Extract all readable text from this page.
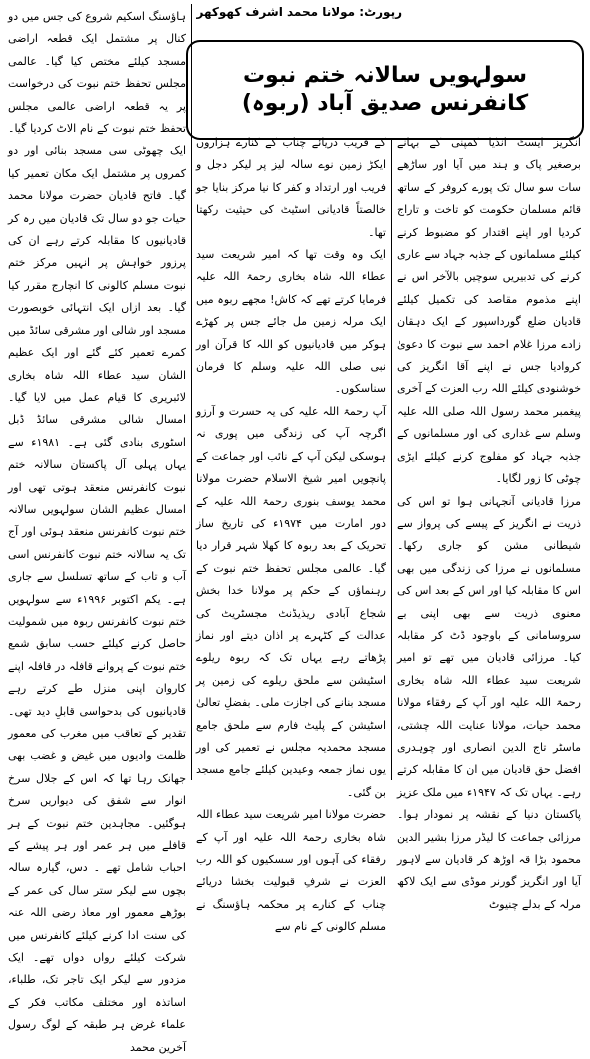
رپورٹ: مولانا محمد اشرف کھوکھر
سولہویں سالانہ ختم نبوت کانفرنس صدیق آباد (ربوہ)

انگریز ایسٹ انڈیا کمپنی کے بہانے برصغیر پاک و ہند میں آیا اور ساڑھے سات سو سال تک پورے کروفر کے ساتھ قائم مسلمان حکومت کو تاخت و تاراج کردیا اور اپنے اقتدار کو مضبوط کرنے کیلئے مسلمانوں کے جذبہ جہاد سے عاری کرنے کی تدبیریں سوچیں بالآخر اس نے اپنے مذموم مقاصد کی تکمیل کیلئے قادیان ضلع گورداسپور کے ایک دہقان زادے مرزا غلام احمد سے نبوت کا دعویٰ کروادیا جس نے اپنے آقا انگریز کی خوشنودی کیلئے اللہ رب العزت کے آخری پیغمبر محمد رسول اللہ صلی اللہ علیہ وسلم سے غداری کی اور مسلمانوں کے جذبہ جہاد کو مفلوج کرنے کیلئے ایڑی چوٹی کا زور لگایا۔

مرزا قادیانی آنجہانی ہوا تو اس کی ذریت نے انگریز کے پیسے کی پرواز سے شیطانی مشن کو جاری رکھا۔ مسلمانوں نے مرزا کی زندگی میں بھی اس کا مقابلہ کیا اور اس کے بعد اس کی معنوی ذریت سے بھی اپنی بے سروسامانی کے باوجود ڈٹ کر مقابلہ کیا۔ مرزائی قادیان میں تھے تو امیر شریعت سید عطاء اللہ شاہ بخاری رحمۃ اللہ علیہ اور آپ کے رفقاء مولانا محمد حیات، مولانا عنایت اللہ چشتی، ماسٹر تاج الدین انصاری اور چوہدری افضل حق قادیان میں ان کا مقابلہ کرتے رہے۔ یہاں تک کہ ۱۹۴۷ء میں ملک عزیز پاکستان دنیا کے نقشہ پر نمودار ہوا۔ مرزائی جماعت کا لیڈر مرزا بشیر الدین محمود بڑا قہ اوڑھ کر قادیان سے لاہور آیا اور انگریز گورنر موڈی سے ایک لاکھ مرلہ کے بدلے چنیوٹ

کے قریب دریائے چناب کے کنارے ہزاروں ایکڑ زمین نوے سالہ لیز پر لیکر دجل و فریب اور ارتداد و کفر کا نیا مرکز بنایا جو خالصتاً قادیانی اسٹیٹ کی حیثیت رکھتا تھا۔

ایک وہ وقت تھا کہ امیر شریعت سید عطاء اللہ شاہ بخاری رحمۃ اللہ علیہ فرمایا کرتے تھے کہ کاش! مجھے ربوہ میں ایک مرلہ زمین مل جائے جس پر کھڑے ہوکر میں قادیانیوں کو اللہ کا قرآن اور نبی صلی اللہ علیہ وسلم کا فرمان سناسکوں۔

آپ رحمۃ اللہ علیہ کی یہ حسرت و آرزو اگرچہ آپ کی زندگی میں پوری نہ ہوسکی لیکن آپ کے نائب اور جماعت کے پانچویں امیر شیخ الاسلام حضرت مولانا محمد یوسف بنوری رحمۃ اللہ علیہ کے دور امارت میں ۱۹۷۴ء کی تاریخ ساز تحریک کے بعد ربوہ کا کھلا شہر قرار دیا گیا۔ عالمی مجلس تحفظ ختم نبوت کے رہنماؤں کے حکم پر مولانا خدا بخش شجاع آبادی ریذیڈنٹ مجسٹریٹ کی عدالت کے کٹہرے پر اذان دیتے اور نماز پڑھاتے رہے یہاں تک کہ ربوہ ریلوے اسٹیشن سے ملحق ریلوے کی زمین پر مسجد بنانے کی اجازت ملی۔ بفضلِ تعالیٰ اسٹیشن کے پلیٹ فارم سے ملحق جامع مسجد محمدیہ مجلس نے تعمیر کی اور یوں نماز جمعہ وعیدین کیلئے جامع مسجد بن گئی۔

حضرت مولانا امیر شریعت سید عطاء اللہ شاہ بخاری رحمۃ اللہ علیہ اور آپ کے رفقاء کی آہوں اور سسکیوں کو اللہ رب العزت نے شرفِ قبولیت بخشا دریائے چناب کے کنارے پر محکمہ ہاؤسنگ نے مسلم کالونی کے نام سے

ہاؤسنگ اسکیم شروع کی جس میں دو کنال پر مشتمل ایک قطعہ اراضی مسجد کیلئے مختص کیا گیا۔ عالمی مجلس تحفظ ختم نبوت کی درخواست پر یہ قطعہ اراضی عالمی مجلس تحفظ ختم نبوت کے نام الاٹ کردیا گیا۔ ایک چھوٹی سی مسجد بنائی اور دو کمروں پر مشتمل ایک مکان تعمیر کیا گیا۔ فاتح قادیان حضرت مولانا محمد حیات جو دو سال تک قادیان میں رہ کر قادیانیوں کا مقابلہ کرتے رہے ان کی پرزور خواہش پر انہیں مرکز ختم نبوت مسلم کالونی کا انچارج مقرر کیا گیا۔ بعد ازاں ایک انتہائی خوبصورت مسجد اور شالی اور مشرقی سائڈ میں کمرے تعمیر کئے گئے اور ایک عظیم الشان سید عطاء اللہ شاہ بخاری لائبریری کا قیام عمل میں لایا گیا۔ امسال شالی مشرقی سائڈ ڈبل اسٹوری بنادی گئی ہے۔ ۱۹۸۱ء سے یہاں پہلی آل پاکستان سالانہ ختم نبوت کانفرنس منعقد ہوتی تھی اور امسال عظیم الشان سولہویں سالانہ ختم نبوت کانفرنس منعقد ہوئی اور آج تک یہ سالانہ ختم نبوت کانفرنس اسی آب و تاب کے ساتھ تسلسل سے جاری ہے۔ یکم اکتوبر ۱۹۹۶ء سے سولہویں ختم نبوت کانفرنس ربوہ میں شمولیت حاصل کرنے کیلئے حسب سابق شمع ختم نبوت کے پروانے قافلہ در قافلہ اپنے کاروان اپنی منزل طے کرتے رہے قادیانیوں کی بدحواسی قابلِ دید تھی۔ تقدیر کے تعاقب میں مغرب کی معمور ظلمت وادیوں میں غیض و غضب بھی جھانک رہا تھا کہ اس کے جلال سرخ انوار سے شفق کی دیواریں سرخ ہوگئیں۔ مجاہدین ختم نبوت کے ہر قافلے میں ہر عمر اور ہر پیشے کے احباب شامل تھے ۔ دس، گیارہ سالہ بچوں سے لیکر ستر سال کی عمر کے بوڑھے معمور اور معاذ رضی اللہ عنہ کی سنت ادا کرنے کیلئے کانفرنس میں شرکت کیلئے رواں دواں تھے۔ ایک مزدور سے لیکر ایک تاجر تک، طلباء، اساتذہ اور مختلف مکاتب فکر کے علماء غرض ہر طبقہ کے لوگ رسول آخرین محمد
